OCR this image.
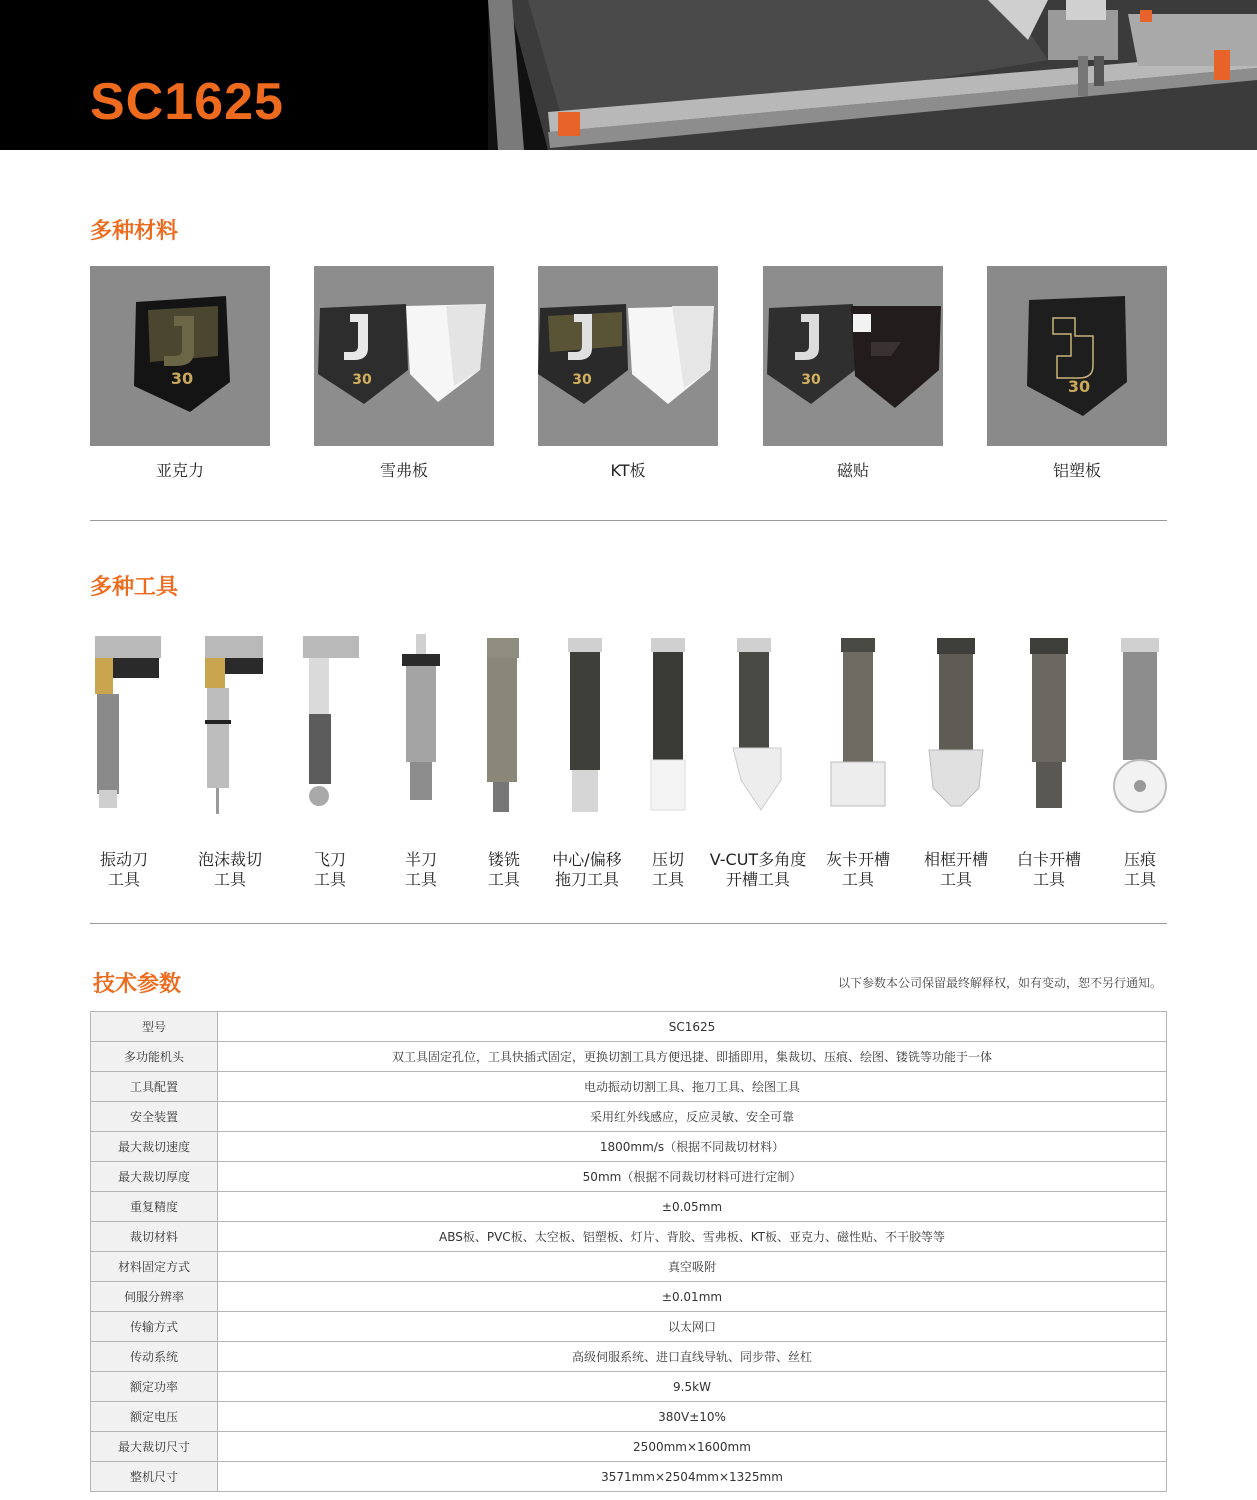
SC1625
多种材料
30
亚克力
30
雪弗板
30
KT板
30
磁贴
30
铝塑板
多种工具
振动刀
工具
泡沫裁切
工具
飞刀
工具
半刀
工具
镂铣
工具
中心/偏移
拖刀工具
压切
工具
V-CUT多角度
开槽工具
灰卡开槽
工具
相框开槽
工具
白卡开槽
工具
压痕
工具
技术参数	以下参数本公司保留最终解释权，如有变动，恕不另行通知。
型号	SC1625
多功能机头	双工具固定孔位，工具快插式固定，更换切割工具方便迅捷、即插即用，集裁切、压痕、绘图、镂铣等功能于一体
工具配置	电动振动切割工具、拖刀工具、绘图工具
安全装置	采用红外线感应，反应灵敏、安全可靠
最大裁切速度	1800mm/s（根据不同裁切材料）
最大裁切厚度	50mm（根据不同裁切材料可进行定制）
重复精度	±0.05mm
裁切材料	ABS板、PVC板、太空板、铝塑板、灯片、背胶、雪弗板、KT板、亚克力、磁性贴、不干胶等等
材料固定方式	真空吸附
伺服分辨率	±0.01mm
传输方式	以太网口
传动系统	高级伺服系统、进口直线导轨、同步带、丝杠
额定功率	9.5kW
额定电压	380V±10%
最大裁切尺寸	2500mm×1600mm
整机尺寸	3571mm×2504mm×1325mm
